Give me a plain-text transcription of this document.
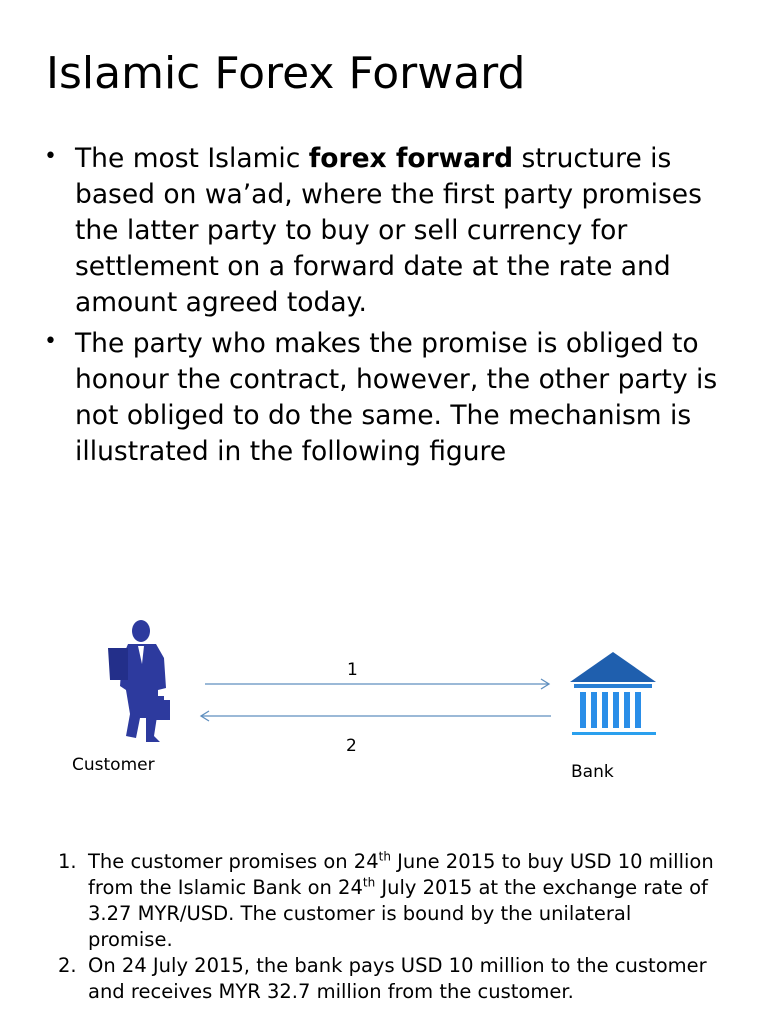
Islamic Forex Forward
• The most Islamic forex forward structure is based on wa’ad, where the first party promises the latter party to buy or sell currency for settlement on a forward date at the rate and amount agreed today.
• The party who makes the promise is obliged to honour the contract, however, the other party is not obliged to do the same. The mechanism is illustrated in the following figure
1
2
Customer	Bank
1. The customer promises on 24th June 2015 to buy USD 10 million from the Islamic Bank on 24th July 2015 at the exchange rate of 3.27 MYR/USD. The customer is bound by the unilateral promise.
2. On 24 July 2015, the bank pays USD 10 million to the customer and receives MYR 32.7 million from the customer.
